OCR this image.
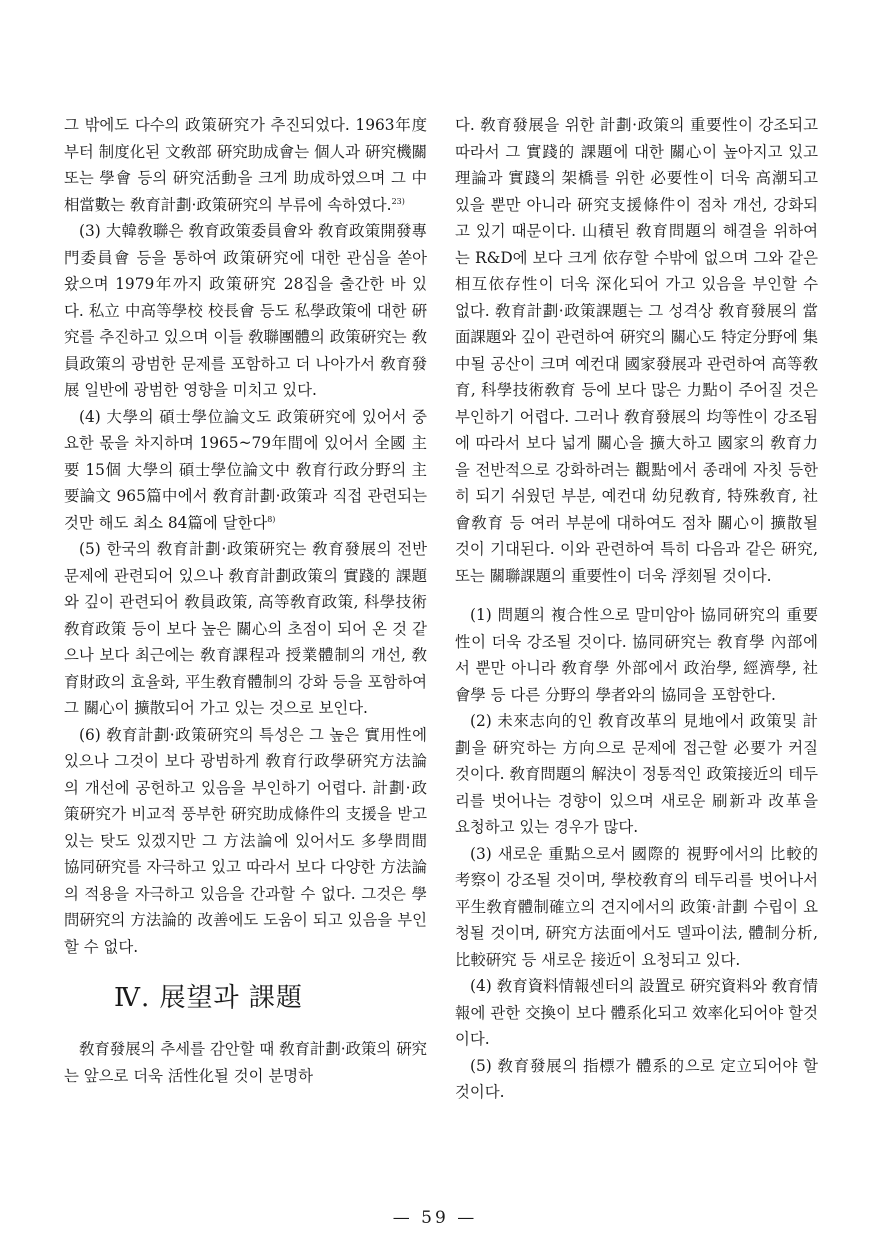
그 밖에도 다수의 政策硏究가 추진되었다. 1963年度부터 制度化된 文敎部 硏究助成會는 個人과 硏究機關 또는 學會 등의 硏究活動을 크게 助成하였으며 그 中 相當數는 敎育計劃·政策硏究의 부류에 속하였다.$^{23)}$

(3) 大韓敎聯은 敎育政策委員會와 敎育政策開發專門委員會 등을 통하여 政策硏究에 대한 관심을 쏟아 왔으며 1979年까지 政策硏究 28집을 출간한 바 있다. 私立 中高等學校 校長會 등도 私學政策에 대한 硏究를 추진하고 있으며 이들 敎聯團體의 政策硏究는 敎員政策의 광범한 문제를 포함하고 더 나아가서 敎育發展 일반에 광범한 영향을 미치고 있다.

(4) 大學의 碩士學位論文도 政策硏究에 있어서 중요한 몫을 차지하며 1965~79年間에 있어서 全國 主要 15個 大學의 碩士學位論文中 敎育行政分野의 主要論文 965篇中에서 敎育計劃·政策과 직접 관련되는 것만 해도 최소 84篇에 달한다$^{8)}$

(5) 한국의 敎育計劃·政策硏究는 敎育發展의 전반문제에 관련되어 있으나 敎育計劃政策의 實踐的 課題와 깊이 관련되어 敎員政策, 高等敎育政策, 科學技術敎育政策 등이 보다 높은 關心의 초점이 되어 온 것 같으나 보다 최근에는 敎育課程과 授業體制의 개선, 敎育財政의 효율화, 平生敎育體制의 강화 등을 포함하여 그 關心이 擴散되어 가고 있는 것으로 보인다.

(6) 敎育計劃·政策硏究의 특성은 그 높은 實用性에 있으나 그것이 보다 광범하게 敎育行政學硏究方法論의 개선에 공헌하고 있음을 부인하기 어렵다. 計劃·政策硏究가 비교적 풍부한 硏究助成條件의 支援을 받고 있는 탓도 있겠지만 그 方法論에 있어서도 多學問間 協同硏究를 자극하고 있고 따라서 보다 다양한 方法論의 적용을 자극하고 있음을 간과할 수 없다. 그것은 學問硏究의 方法論的 改善에도 도움이 되고 있음을 부인할 수 없다.

Ⅳ. 展望과 課題

敎育發展의 추세를 감안할 때 敎育計劃·政策의 硏究는 앞으로 더욱 活性化될 것이 분명하

다. 敎育發展을 위한 計劃·政策의 重要性이 강조되고 따라서 그 實踐的 課題에 대한 關心이 높아지고 있고 理論과 實踐의 架橋를 위한 必要性이 더욱 高潮되고 있을 뿐만 아니라 硏究支援條件이 점차 개선, 강화되고 있기 때문이다. 山積된 敎育問題의 해결을 위하여는 R&D에 보다 크게 依存할 수밖에 없으며 그와 같은 相互依存性이 더욱 深化되어 가고 있음을 부인할 수 없다. 敎育計劃·政策課題는 그 성격상 敎育發展의 當面課題와 깊이 관련하여 硏究의 關心도 特定分野에 集中될 공산이 크며 예컨대 國家發展과 관련하여 高等敎育, 科學技術敎育 등에 보다 많은 力點이 주어질 것은 부인하기 어렵다. 그러나 敎育發展의 均等性이 강조됨에 따라서 보다 넓게 關心을 擴大하고 國家의 敎育力을 전반적으로 강화하려는 觀點에서 종래에 자칫 등한히 되기 쉬웠던 부분, 예컨대 幼兒敎育, 特殊敎育, 社會敎育 등 여러 부분에 대하여도 점차 關心이 擴散될 것이 기대된다. 이와 관련하여 특히 다음과 같은 硏究, 또는 關聯課題의 重要性이 더욱 浮刻될 것이다.

(1) 問題의 複合性으로 말미암아 協同硏究의 重要性이 더욱 강조될 것이다. 協同硏究는 敎育學 內部에서 뿐만 아니라 敎育學 外部에서 政治學, 經濟學, 社會學 등 다른 分野의 學者와의 協同을 포함한다.

(2) 未來志向的인 敎育改革의 見地에서 政策및 計劃을 硏究하는 方向으로 문제에 접근할 必要가 커질 것이다. 敎育問題의 解決이 정통적인 政策接近의 테두리를 벗어나는 경향이 있으며 새로운 刷新과 改革을 요청하고 있는 경우가 많다.

(3) 새로운 重點으로서 國際的 視野에서의 比較的 考察이 강조될 것이며, 學校敎育의 테두리를 벗어나서 平生敎育體制確立의 견지에서의 政策·計劃 수립이 요청될 것이며, 硏究方法面에서도 델파이法, 體制分析, 比較硏究 등 새로운 接近이 요청되고 있다.

(4) 敎育資料情報센터의 設置로 硏究資料와 敎育情報에 관한 交換이 보다 體系化되고 效率化되어야 할것이다.

(5) 敎育發展의 指標가 體系的으로 定立되어야 할 것이다.

— 59 —
